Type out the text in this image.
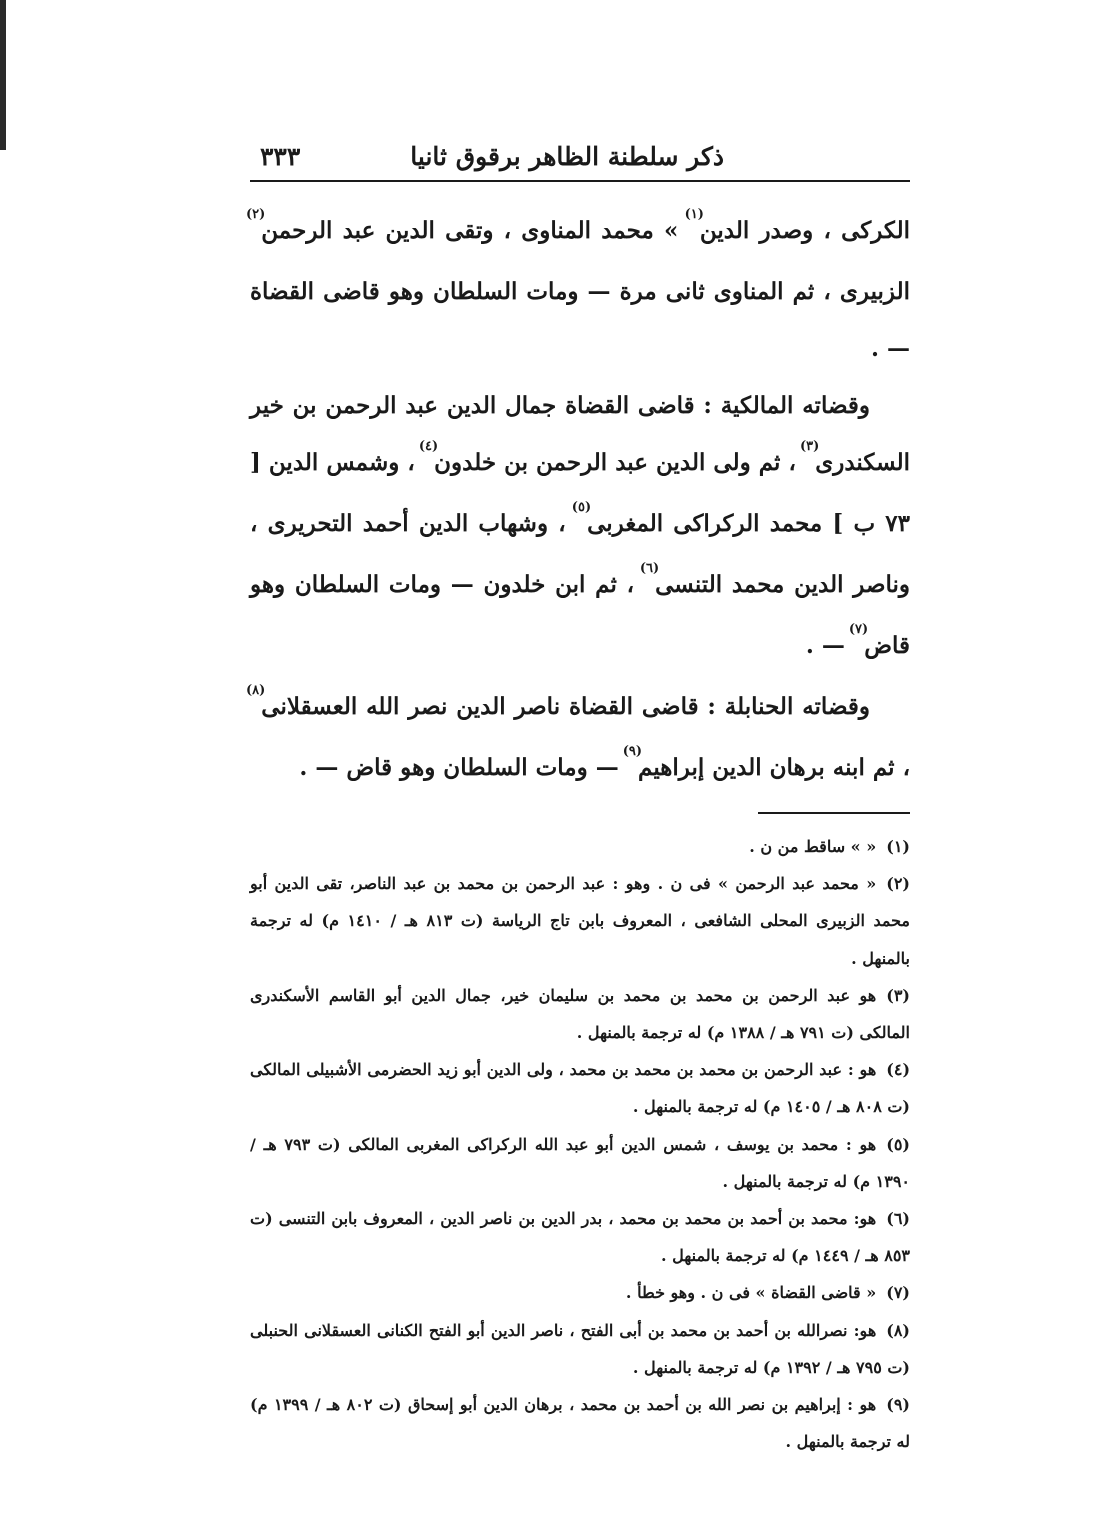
ذكر سلطنة الظاهر برقوق ثانيا
٣٣٣

الكركى ، وصدر الدين$^{(١)}$ » محمد المناوى ، وتقى الدين عبد الرحمن$^{(٢)}$ الزبيرى ، ثم المناوى ثانى مرة — ومات السلطان وهو قاضى القضاة — .

وقضاته المالكية : قاضى القضاة جمال الدين عبد الرحمن بن خير السكندرى$^{(٣)}$ ، ثم ولى الدين عبد الرحمن بن خلدون$^{(٤)}$ ، وشمس الدين [ ٧٣ ب ] محمد الركراكى المغربى$^{(٥)}$ ، وشهاب الدين أحمد التحريرى ، وناصر الدين محمد التنسى$^{(٦)}$ ، ثم ابن خلدون — ومات السلطان وهو قاض$^{(٧)}$ — .

وقضاته الحنابلة : قاضى القضاة ناصر الدين نصر الله العسقلانى$^{(٨)}$ ، ثم ابنه برهان الدين إبراهيم$^{(٩)}$ — ومات السلطان وهو قاض — .

(١)« » ساقط من ن .

(٢)« محمد عبد الرحمن » فى ن . وهو : عبد الرحمن بن محمد بن عبد الناصر، تقى الدين أبو محمد الزبيرى المحلى الشافعى ، المعروف بابن تاج الرياسة (ت ٨١٣ هـ / ١٤١٠ م) له ترجمة بالمنهل .

(٣)هو عبد الرحمن بن محمد بن محمد بن سليمان خير، جمال الدين أبو القاسم الأسكندرى المالكى (ت ٧٩١ هـ / ١٣٨٨ م) له ترجمة بالمنهل .

(٤)هو : عبد الرحمن بن محمد بن محمد بن محمد ، ولى الدين أبو زيد الحضرمى الأشبيلى المالكى (ت ٨٠٨ هـ / ١٤٠٥ م) له ترجمة بالمنهل .

(٥)هو : محمد بن يوسف ، شمس الدين أبو عبد الله الركراكى المغربى المالكى (ت ٧٩٣ هـ / ١٣٩٠ م) له ترجمة بالمنهل .

(٦)هو: محمد بن أحمد بن محمد بن محمد ، بدر الدين بن ناصر الدين ، المعروف بابن التنسى (ت ٨٥٣ هـ / ١٤٤٩ م) له ترجمة بالمنهل .

(٧)« قاضى القضاة » فى ن . وهو خطأ .

(٨)هو: نصرالله بن أحمد بن محمد بن أبى الفتح ، ناصر الدين أبو الفتح الكنانى العسقلانى الحنبلى (ت ٧٩٥ هـ / ١٣٩٢ م) له ترجمة بالمنهل .

(٩)هو : إبراهيم بن نصر الله بن أحمد بن محمد ، برهان الدين أبو إسحاق (ت ٨٠٢ هـ / ١٣٩٩ م) له ترجمة بالمنهل .
